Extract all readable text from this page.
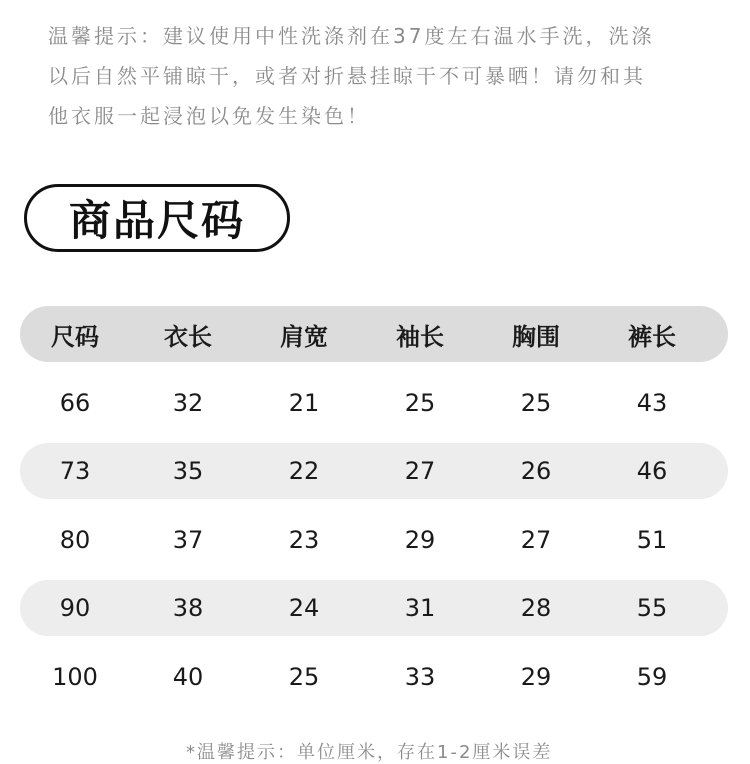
温馨提示：建议使用中性洗涤剂在37度左右温水手洗，洗涤

以后自然平铺晾干，或者对折悬挂晾干不可暴晒！请勿和其

他衣服一起浸泡以免发生染色！

商品尺码
尺码	衣长	肩宽	袖长	胸围	裤长
66	32	21	25	25	43
73	35	22	27	26	46
80	37	23	29	27	51
90	38	24	31	28	55
100	40	25	33	29	59
*温馨提示：单位厘米，存在1-2厘米误差
